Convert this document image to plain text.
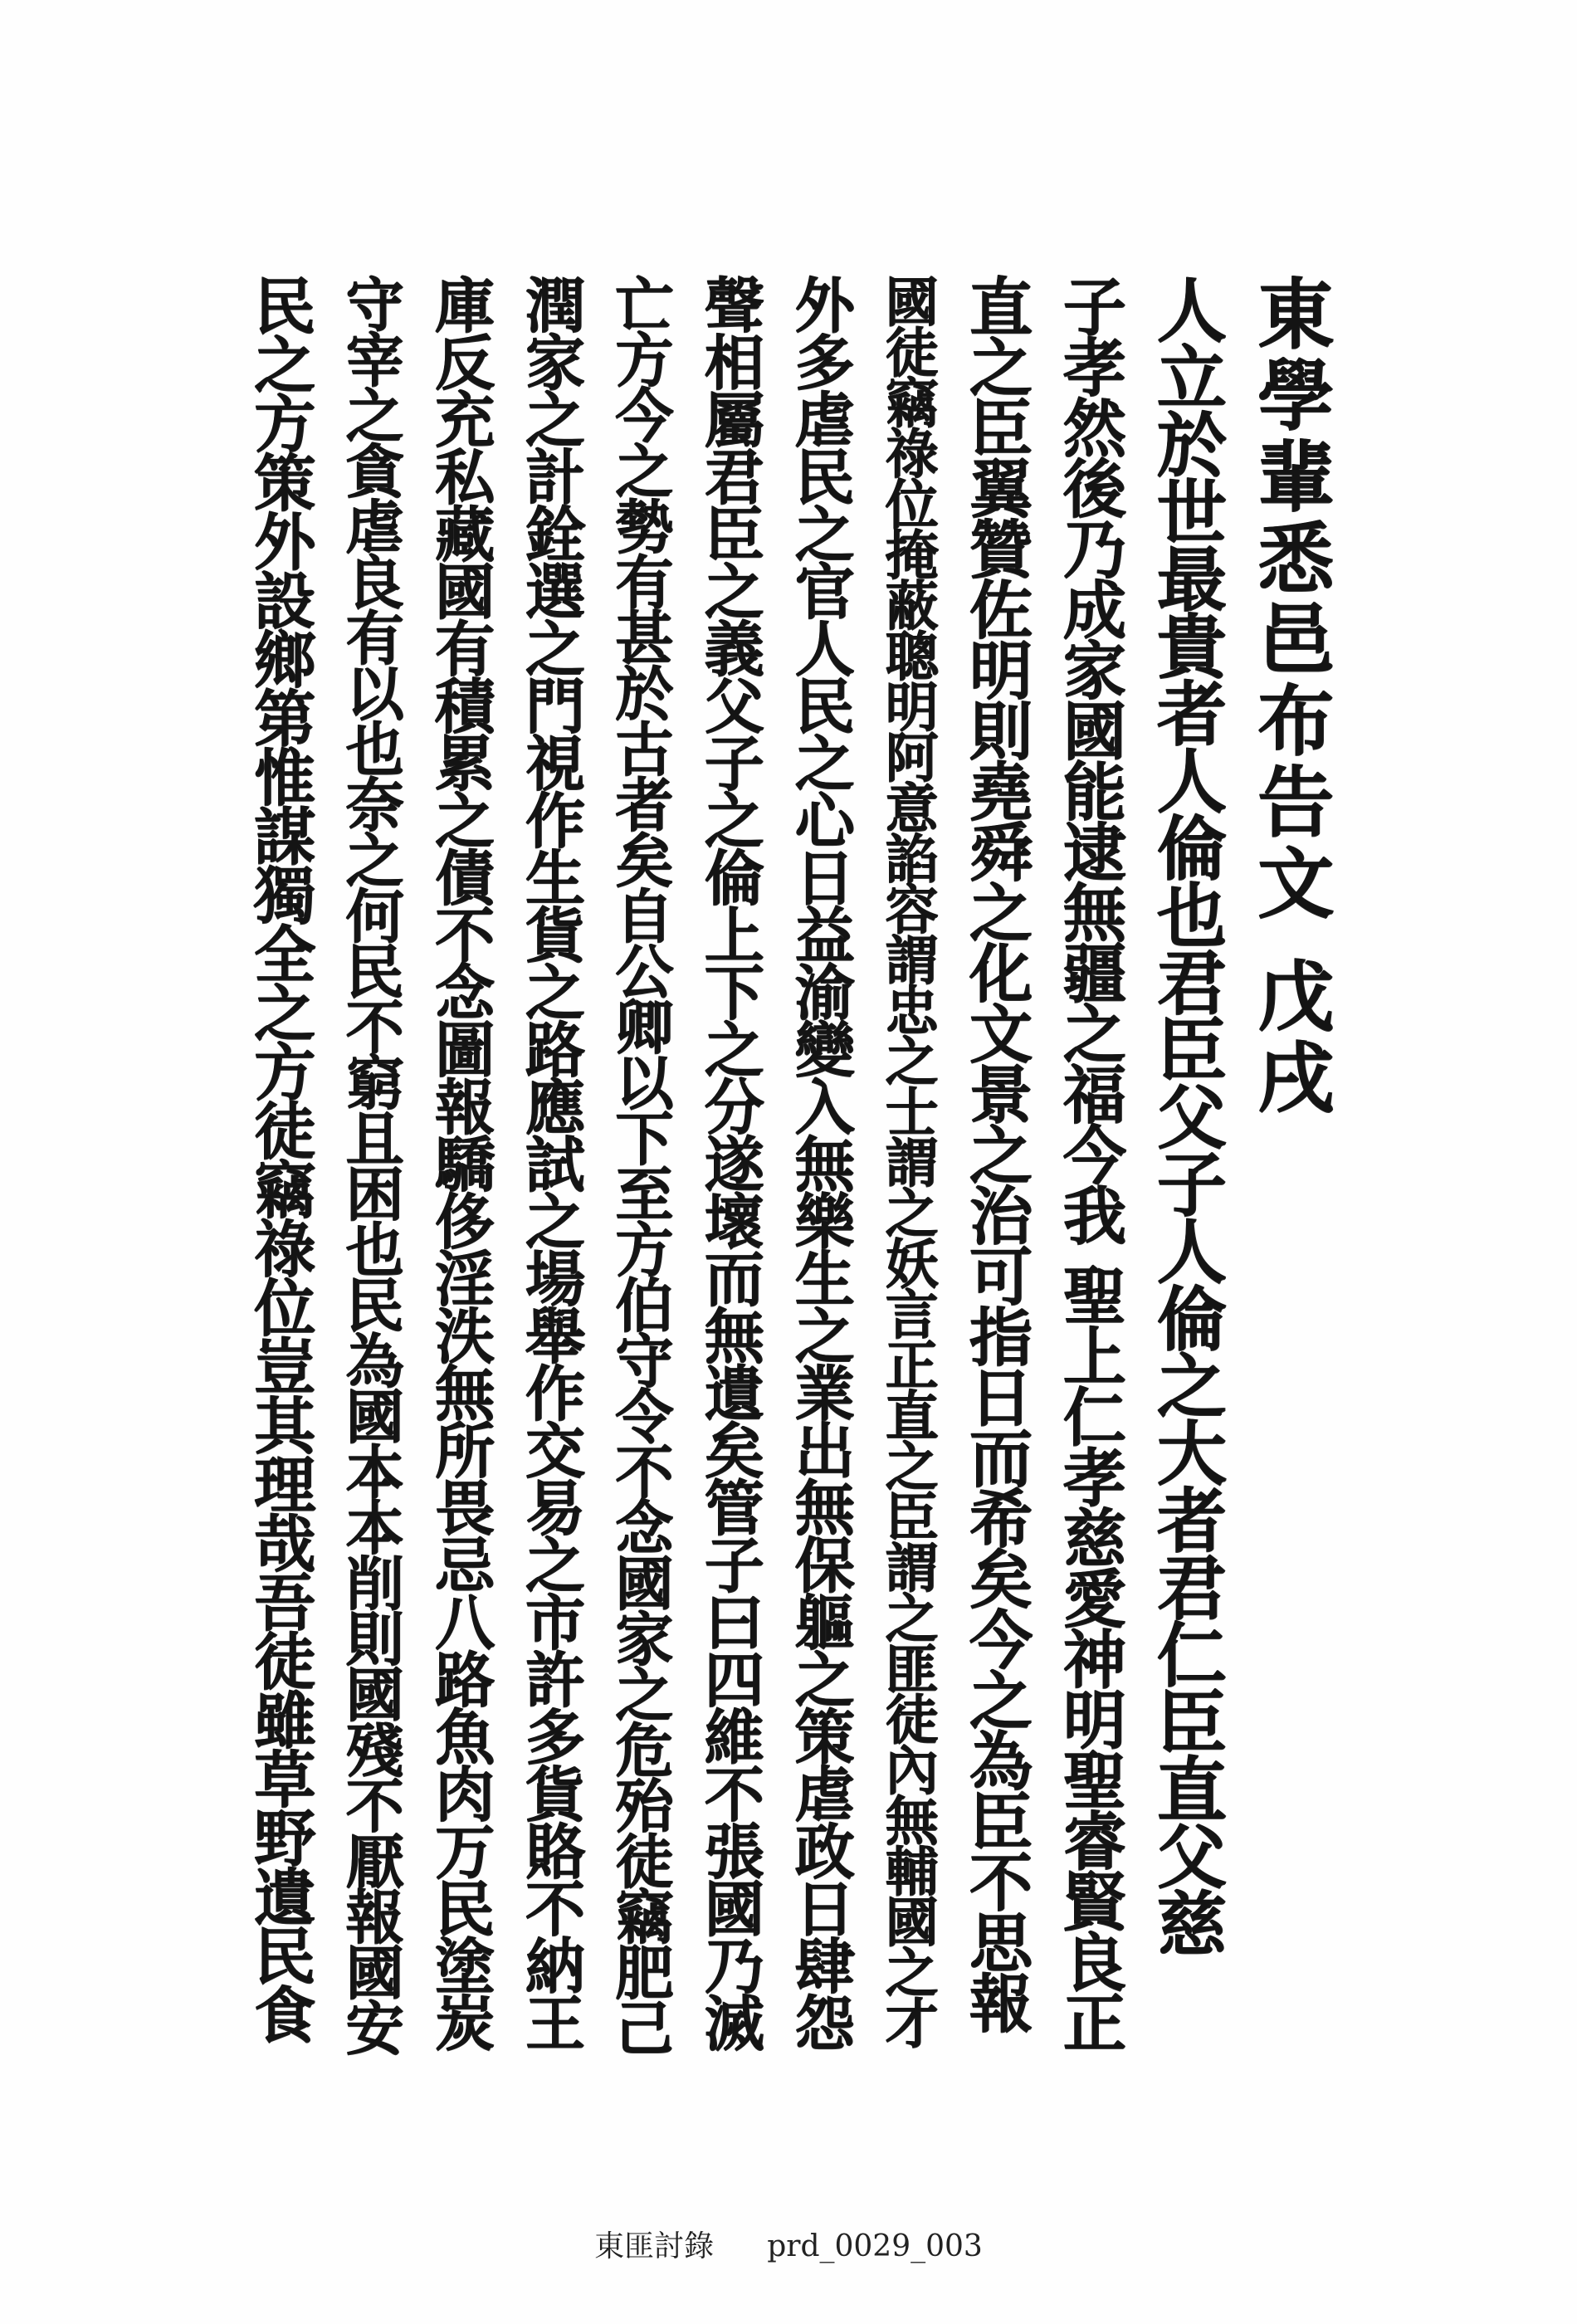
東學輩悉邑布告文 戊戌
人立於世最貴者人倫也君臣父子人倫之大者君仁臣直父慈
子孝然後乃成家國能逮無疆之福今我 聖上仁孝慈愛神明聖睿賢良正
直之臣翼贊佐明則堯舜之化文景之治可指日而希矣今之為臣不思報
國徒竊祿位掩蔽聰明阿意諂容謂忠之士謂之妖言正直之臣謂之匪徒內無輔國之才
外多虐民之官人民之心日益渝變入無樂生之業出無保軀之策虐政日肆怨
聲相屬君臣之義父子之倫上下之分遂壞而無遺矣管子曰四維不張國乃滅
亡方今之勢有甚於古者矣自公卿以下至方伯守令不念國家之危殆徒竊肥己
潤家之計銓選之門視作生貨之路應試之場舉作交易之市許多貨賂不納王
庫反充私藏國有積累之債不念圖報驕侈淫泆無所畏忌八路魚肉万民塗炭
守宰之貪虐良有以也奈之何民不窮且困也民為國本本削則國殘不厭報國安
民之方策外設鄉第惟謀獨全之方徒竊祿位豈其理哉吾徒雖草野遺民食
東匪討錄 prd_0029_003
